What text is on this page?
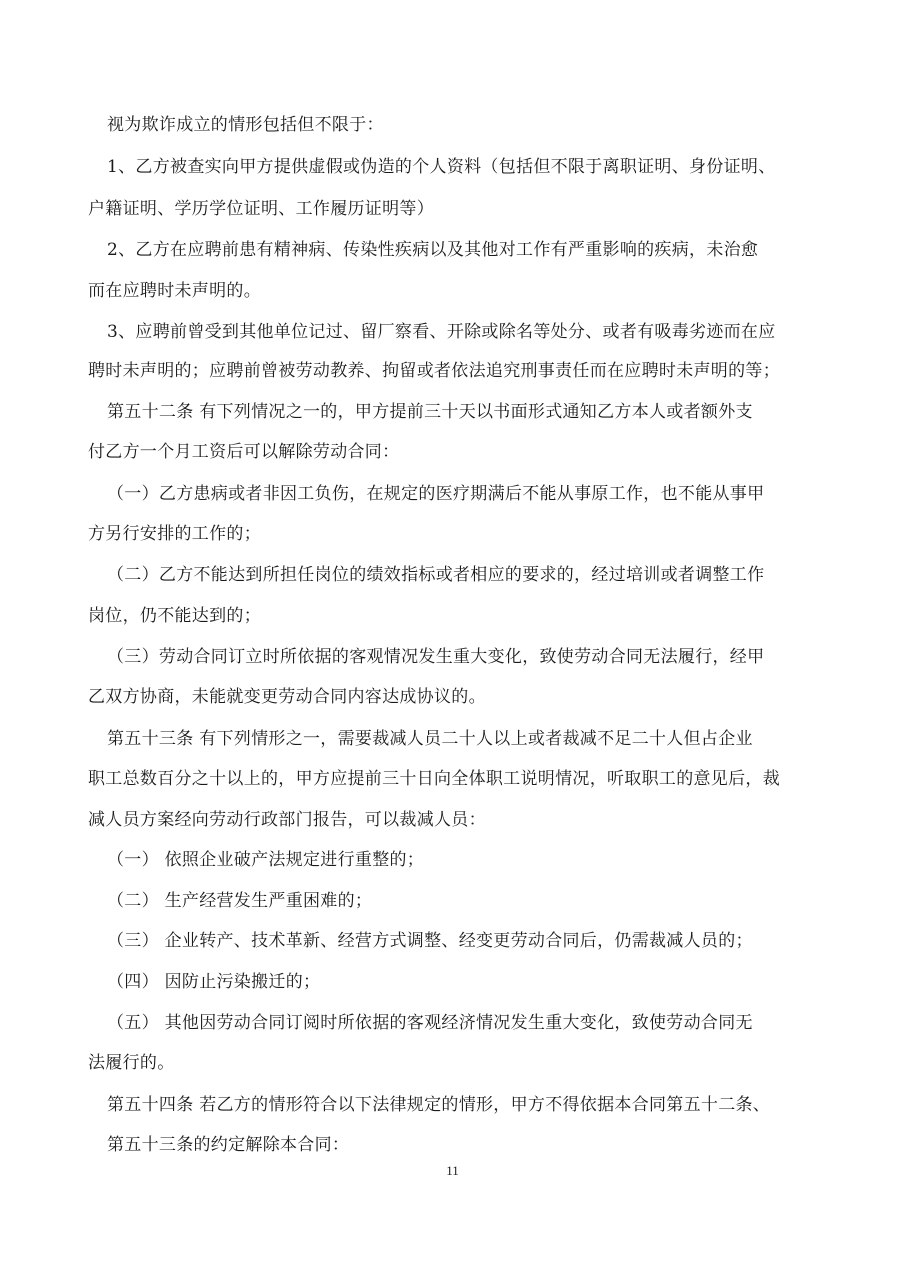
视为欺诈成立的情形包括但不限于：
1、乙方被查实向甲方提供虚假或伪造的个人资料（包括但不限于离职证明、身份证明、
户籍证明、学历学位证明、工作履历证明等）
2、乙方在应聘前患有精神病、传染性疾病以及其他对工作有严重影响的疾病，未治愈
而在应聘时未声明的。
3、应聘前曾受到其他单位记过、留厂察看、开除或除名等处分、或者有吸毒劣迹而在应
聘时未声明的；应聘前曾被劳动教养、拘留或者依法追究刑事责任而在应聘时未声明的等；
第五十二条 有下列情况之一的，甲方提前三十天以书面形式通知乙方本人或者额外支
付乙方一个月工资后可以解除劳动合同：
（一）乙方患病或者非因工负伤，在规定的医疗期满后不能从事原工作，也不能从事甲
方另行安排的工作的；
（二）乙方不能达到所担任岗位的绩效指标或者相应的要求的，经过培训或者调整工作
岗位，仍不能达到的；
（三）劳动合同订立时所依据的客观情况发生重大变化，致使劳动合同无法履行，经甲
乙双方协商，未能就变更劳动合同内容达成协议的。
第五十三条 有下列情形之一，需要裁减人员二十人以上或者裁减不足二十人但占企业
职工总数百分之十以上的，甲方应提前三十日向全体职工说明情况，听取职工的意见后，裁
减人员方案经向劳动行政部门报告，可以裁减人员：
（一） 依照企业破产法规定进行重整的；
（二） 生产经营发生严重困难的；
（三） 企业转产、技术革新、经营方式调整、经变更劳动合同后，仍需裁减人员的；
（四） 因防止污染搬迁的；
（五） 其他因劳动合同订阅时所依据的客观经济情况发生重大变化，致使劳动合同无
法履行的。
第五十四条 若乙方的情形符合以下法律规定的情形，甲方不得依据本合同第五十二条、
第五十三条的约定解除本合同：
11
